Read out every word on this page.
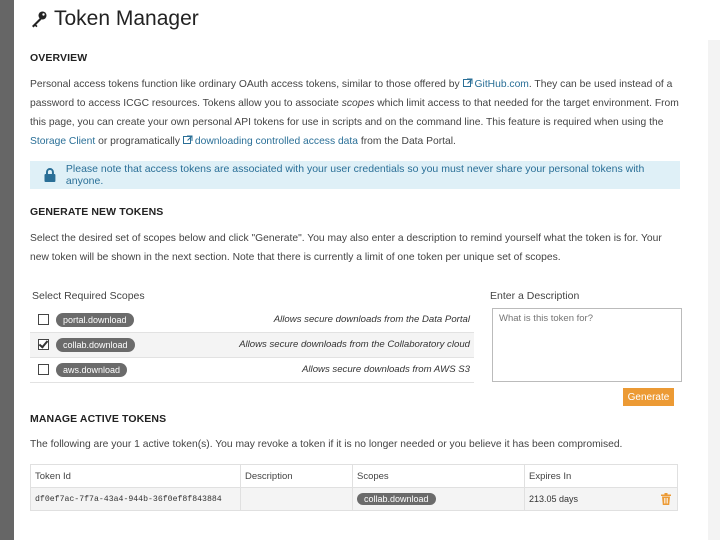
Token Manager
OVERVIEW
Personal access tokens function like ordinary OAuth access tokens, similar to those offered by GitHub.com. They can be used instead of a password to access ICGC resources. Tokens allow you to associate scopes which limit access to that needed for the target environment. From this page, you can create your own personal API tokens for use in scripts and on the command line. This feature is required when using the Storage Client or programatically downloading controlled access data from the Data Portal.
Please note that access tokens are associated with your user credentials so you must never share your personal tokens with anyone.
GENERATE NEW TOKENS
Select the desired set of scopes below and click "Generate". You may also enter a description to remind yourself what the token is for. Your new token will be shown in the next section. Note that there is currently a limit of one token per unique set of scopes.
Select Required Scopes
portal.download	Allows secure downloads from the Data Portal
collab.download	Allows secure downloads from the Collaboratory cloud
aws.download	Allows secure downloads from AWS S3
Enter a Description
What is this token for?
Generate
MANAGE ACTIVE TOKENS
The following are your 1 active token(s). You may revoke a token if it is no longer needed or you believe it has been compromised.
Token Id	Description	Scopes	Expires In
df0ef7ac-7f7a-43a4-944b-36f0ef8f843884		collab.download	213.05 days
